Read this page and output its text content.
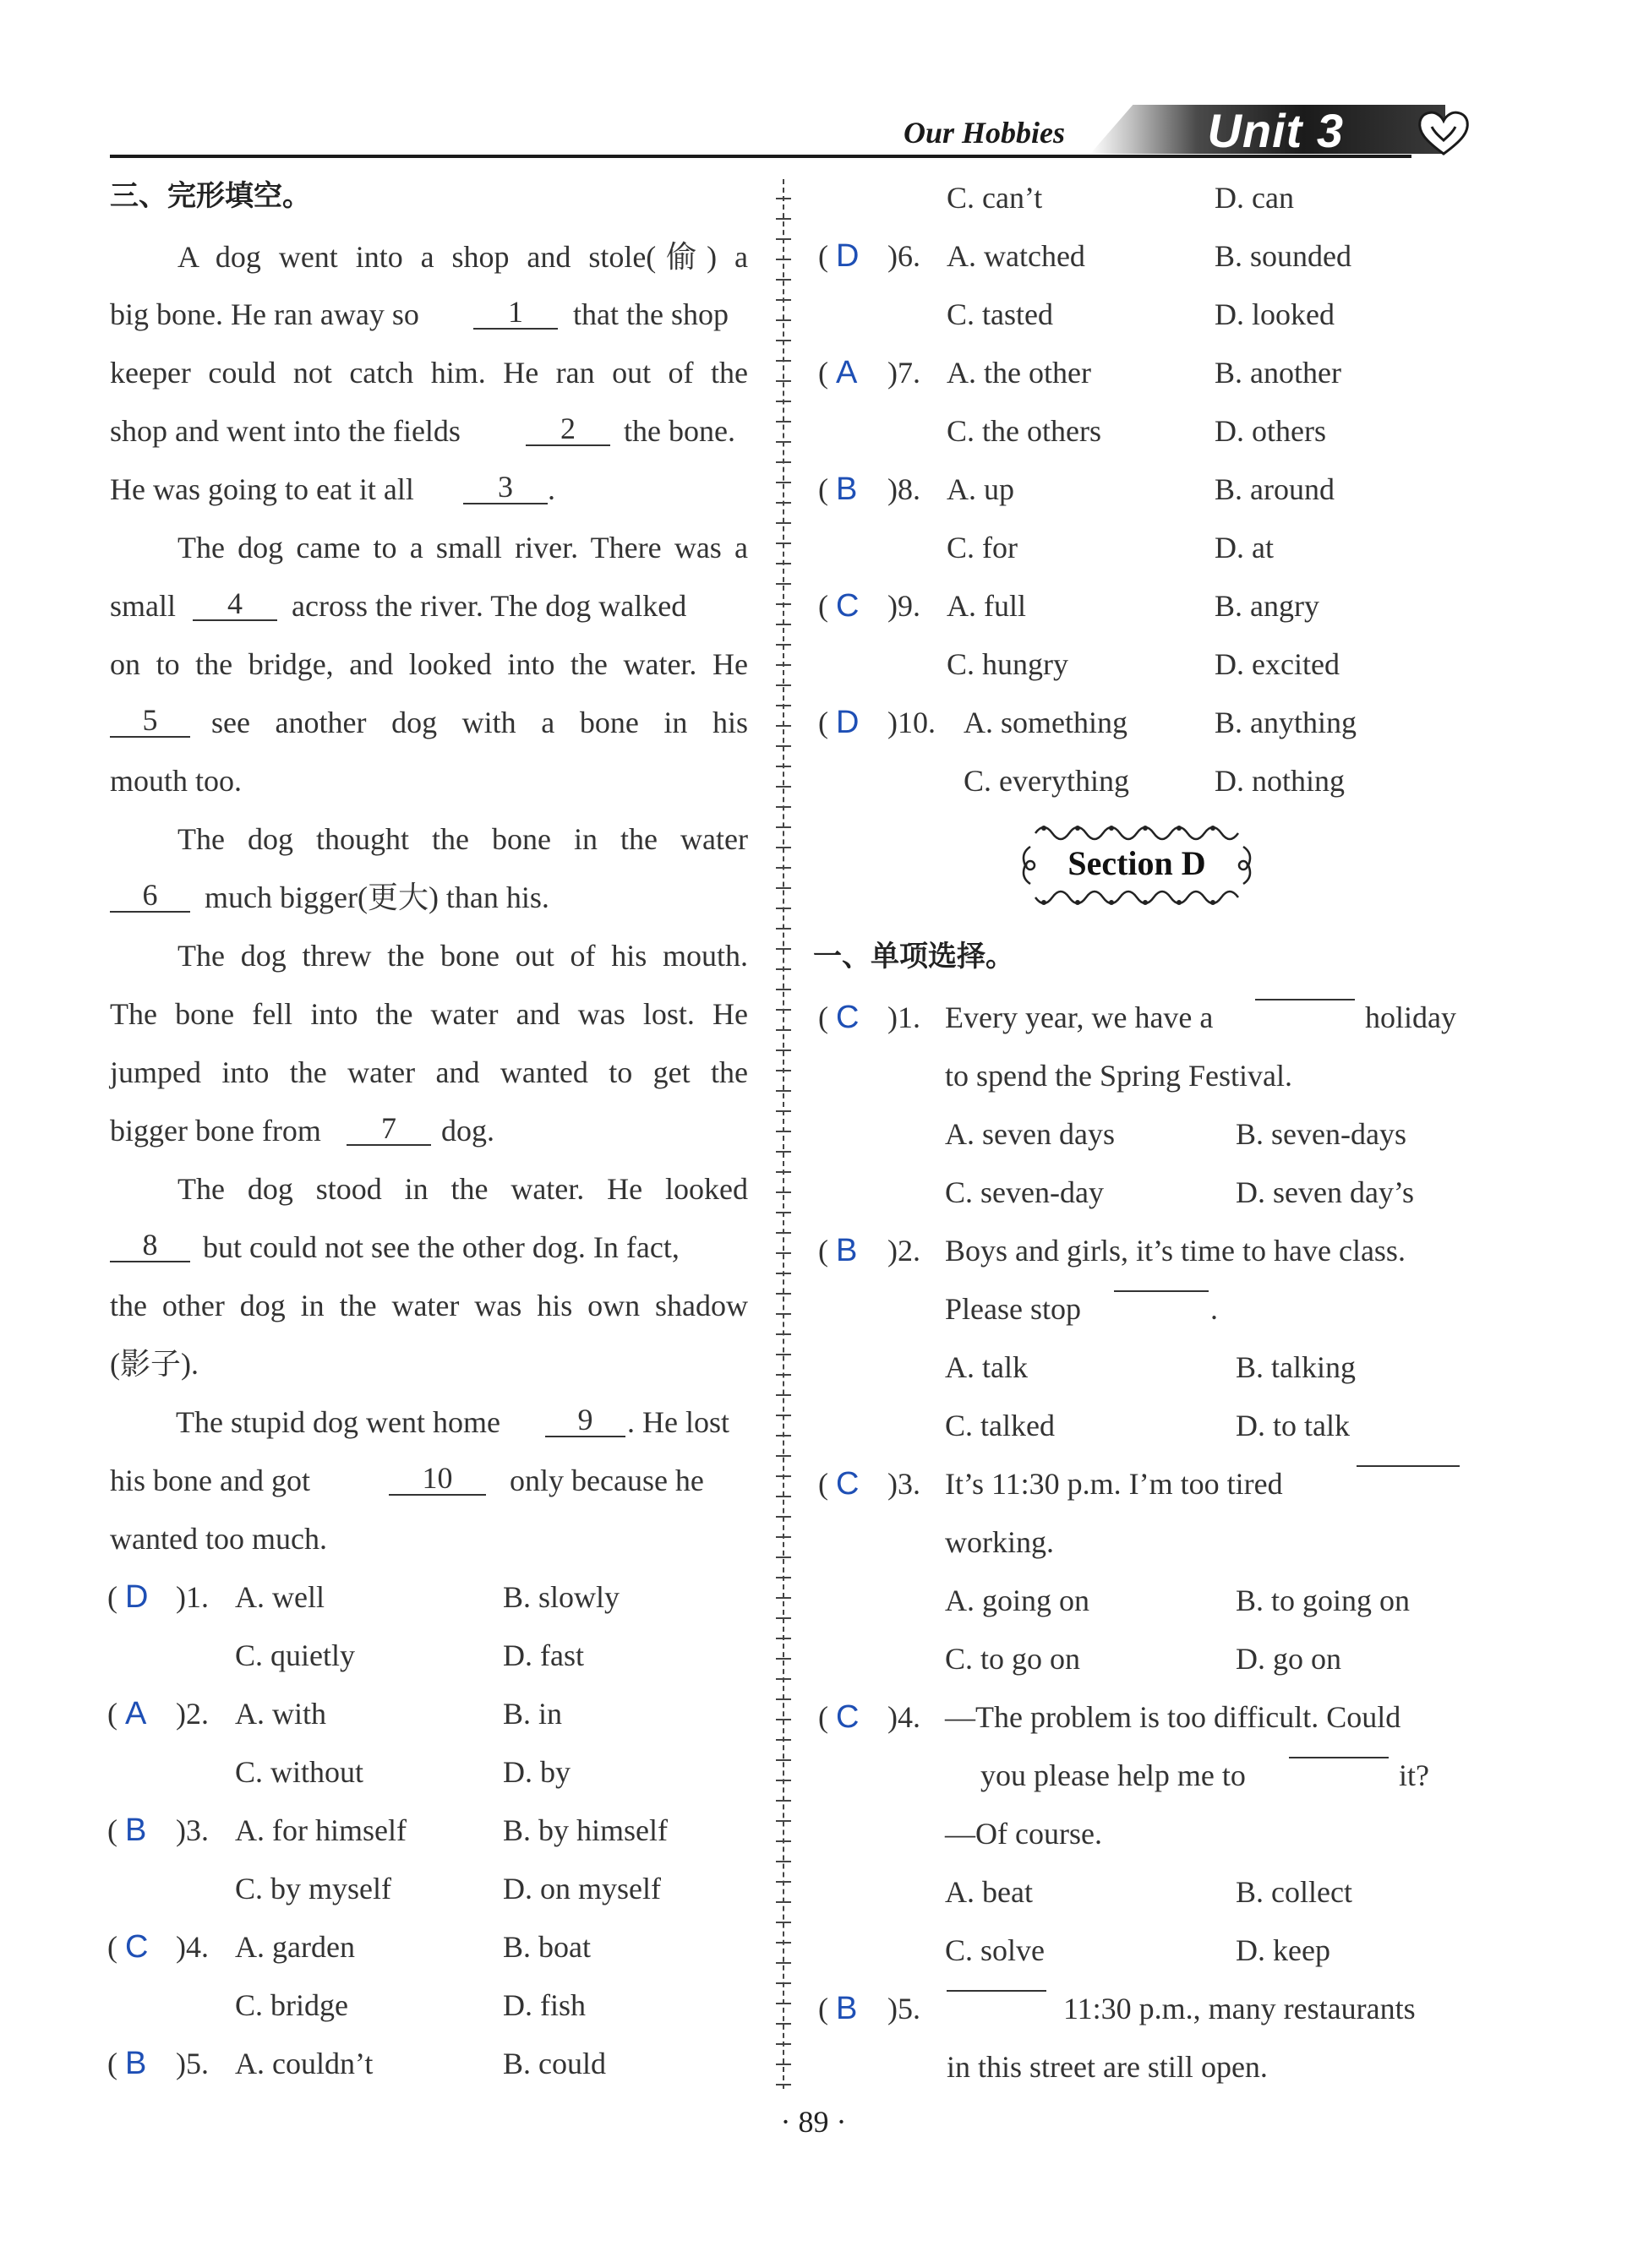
Our Hobbies	Unit 3
三、完形填空。
A dog went into a shop and stole(偷) a
big bone. He ran away so	1	that the shop
keeper could not catch him. He ran out of the
shop and went into the fields	2	the bone.
He was going to eat it all	3	.
The dog came to a small river. There was a
small	4	across the river. The dog walked
on to the bridge, and looked into the water. He
5	see another dog with a bone in his
mouth too.
The dog thought the bone in the water
6	much bigger(更大) than his.
The dog threw the bone out of his mouth.
The bone fell into the water and was lost. He
jumped into the water and wanted to get the
bigger bone from	7	dog.
The dog stood in the water. He looked
8	but could not see the other dog. In fact,
the other dog in the water was his own shadow
(影子).
The stupid dog went home	9	. He lost
his bone and got	10	only because he
wanted too much.
( D )1. A. well	B. slowly
C. quietly	D. fast
( A )2. A. with	B. in
C. without	D. by
( B )3. A. for himself	B. by himself
C. by myself	D. on myself
( C )4. A. garden	B. boat
C. bridge	D. fish
( B )5. A. couldn’t	B. could
C. can’t	D. can
( D )6. A. watched	B. sounded
C. tasted	D. looked
( A )7. A. the other	B. another
C. the others	D. others
( B )8. A. up	B. around
C. for	D. at
( C )9. A. full	B. angry
C. hungry	D. excited
( D )10. A. something	B. anything
C. everything	D. nothing
Section D
一、单项选择。
( C )1. Every year, we have a	holiday
to spend the Spring Festival.
A. seven days	B. seven-days
C. seven-day	D. seven day’s
( B )2. Boys and girls, it’s time to have class.
Please stop	.
A. talk	B. talking
C. talked	D. to talk
( C )3. It’s 11:30 p.m. I’m too tired
working.
A. going on	B. to going on
C. to go on	D. go on
( C )4. —The problem is too difficult. Could
you please help me to	it?
—Of course.
A. beat	B. collect
C. solve	D. keep
( B )5.	11:30 p.m., many restaurants
in this street are still open.
· 89 ·
